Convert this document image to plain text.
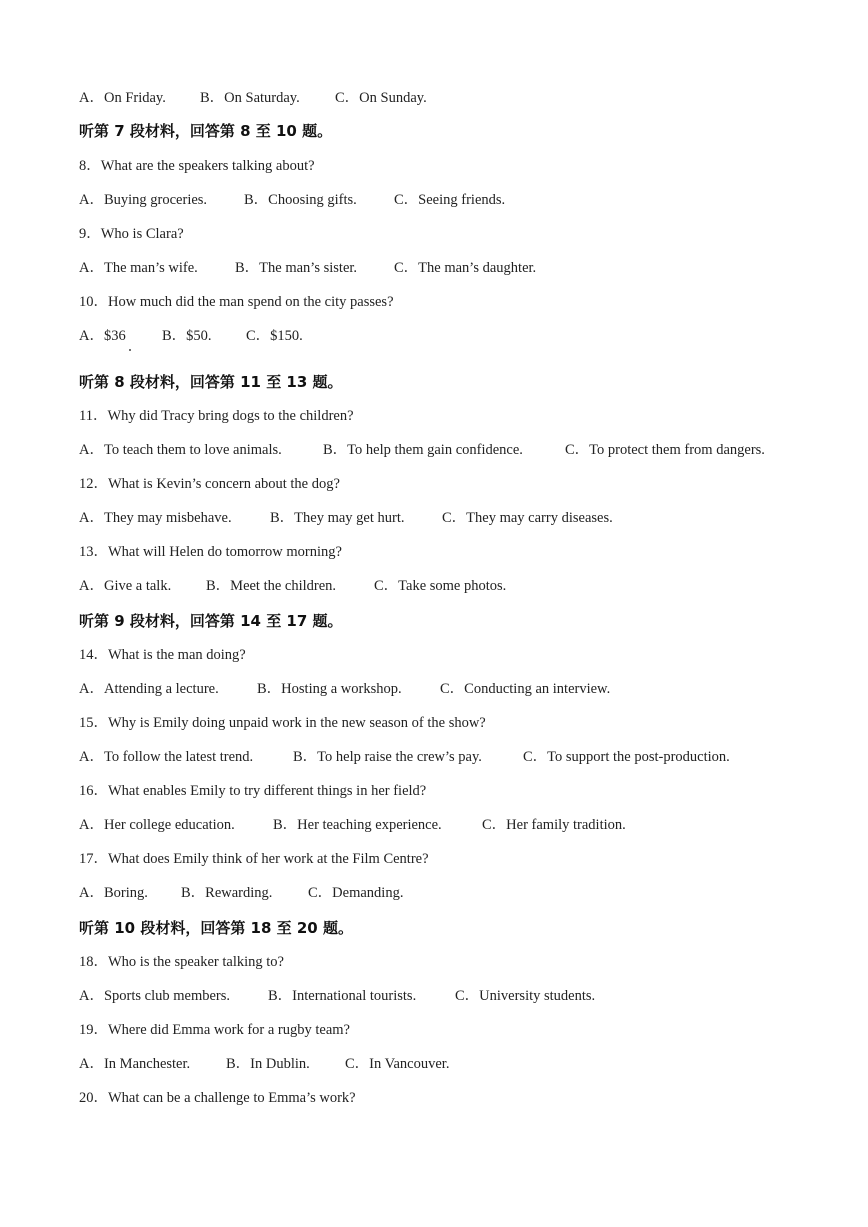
A．On Friday. B．On Saturday. C．On Sunday.
听第 7 段材料，回答第 8 至 10 题。
8．What are the speakers talking about?
A．Buying groceries.	B．Choosing gifts.	C．Seeing friends.
9．Who is Clara?
A．The man’s wife.	B．The man’s sister.	C．The man’s daughter.
10．How much did the man spend on the city passes?
A．$36	B．$50. C．$150.
听第 8 段材料，回答第 11 至 13 题。
11．Why did Tracy bring dogs to the children?
A．To teach them to love animals.	B．To help them gain confidence.	C．To protect them from dangers.
12．What is Kevin’s concern about the dog?
A．They may misbehave.	B．They may get hurt.	C．They may carry diseases.
13．What will Helen do tomorrow morning?
A．Give a talk. B．Meet the children.	C．Take some photos.
听第 9 段材料，回答第 14 至 17 题。
14．What is the man doing?
A．Attending a lecture.	B．Hosting a workshop.	C．Conducting an interview.
15．Why is Emily doing unpaid work in the new season of the show?
A．To follow the latest trend.	B．To help raise the crew’s pay.	C．To support the post-production.
16．What enables Emily to try different things in her field?
A．Her college education.	B．Her teaching experience.	C．Her family tradition.
17．What does Emily think of her work at the Film Centre?
A．Boring. B．Rewarding. C．Demanding.
听第 10 段材料，回答第 18 至 20 题。
18．Who is the speaker talking to?
A．Sports club members.	B．International tourists.	C．University students.
19．Where did Emma work for a rugby team?
A．In Manchester. B．In Dublin. C．In Vancouver.
20．What can be a challenge to Emma’s work?
